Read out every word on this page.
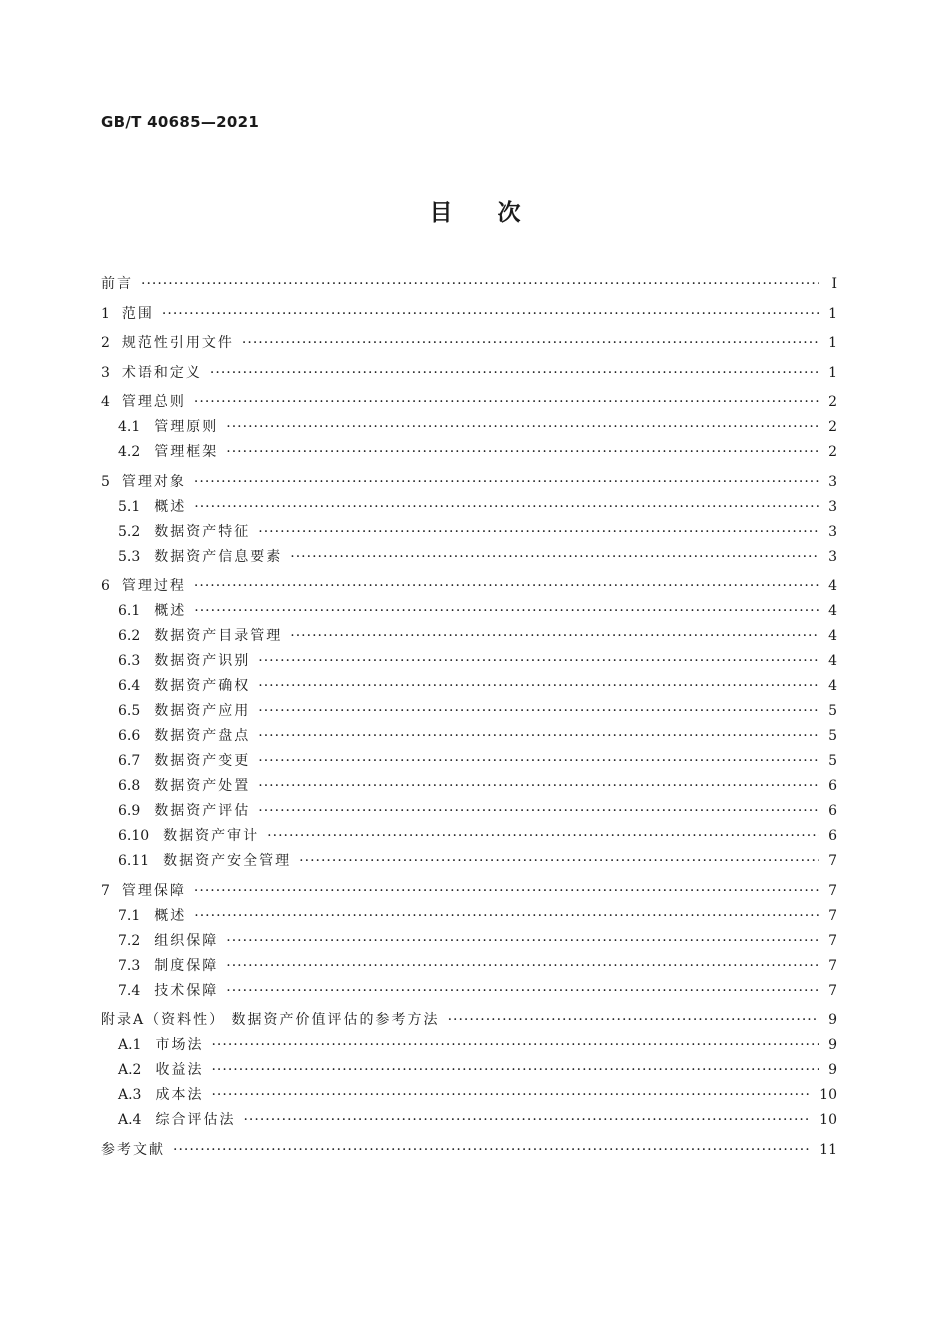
GB/T 40685—2021
目次
前言 ·····	Ⅰ
1 范围 ·····	1
2 规范性引用文件 ·····	1
3 术语和定义 ·····	1
4 管理总则 ·····	2
4.1 管理原则 ·····	2
4.2 管理框架 ·····	2
5 管理对象 ·····	3
5.1 概述 ·····	3
5.2 数据资产特征 ·····	3
5.3 数据资产信息要素 ·····	3
6 管理过程 ·····	4
6.1 概述 ·····	4
6.2 数据资产目录管理 ·····	4
6.3 数据资产识别 ·····	4
6.4 数据资产确权 ·····	4
6.5 数据资产应用 ·····	5
6.6 数据资产盘点 ·····	5
6.7 数据资产变更 ·····	5
6.8 数据资产处置 ·····	6
6.9 数据资产评估 ·····	6
6.10 数据资产审计 ·····	6
6.11 数据资产安全管理 ·····	7
7 管理保障 ·····	7
7.1 概述 ·····	7
7.2 组织保障 ·····	7
7.3 制度保障 ·····	7
7.4 技术保障 ·····	7
附录A（资料性） 数据资产价值评估的参考方法 ·····	9
A.1 市场法 ·····	9
A.2 收益法 ·····	9
A.3 成本法 ·····	10
A.4 综合评估法 ·····	10
参考文献 ·····	11
